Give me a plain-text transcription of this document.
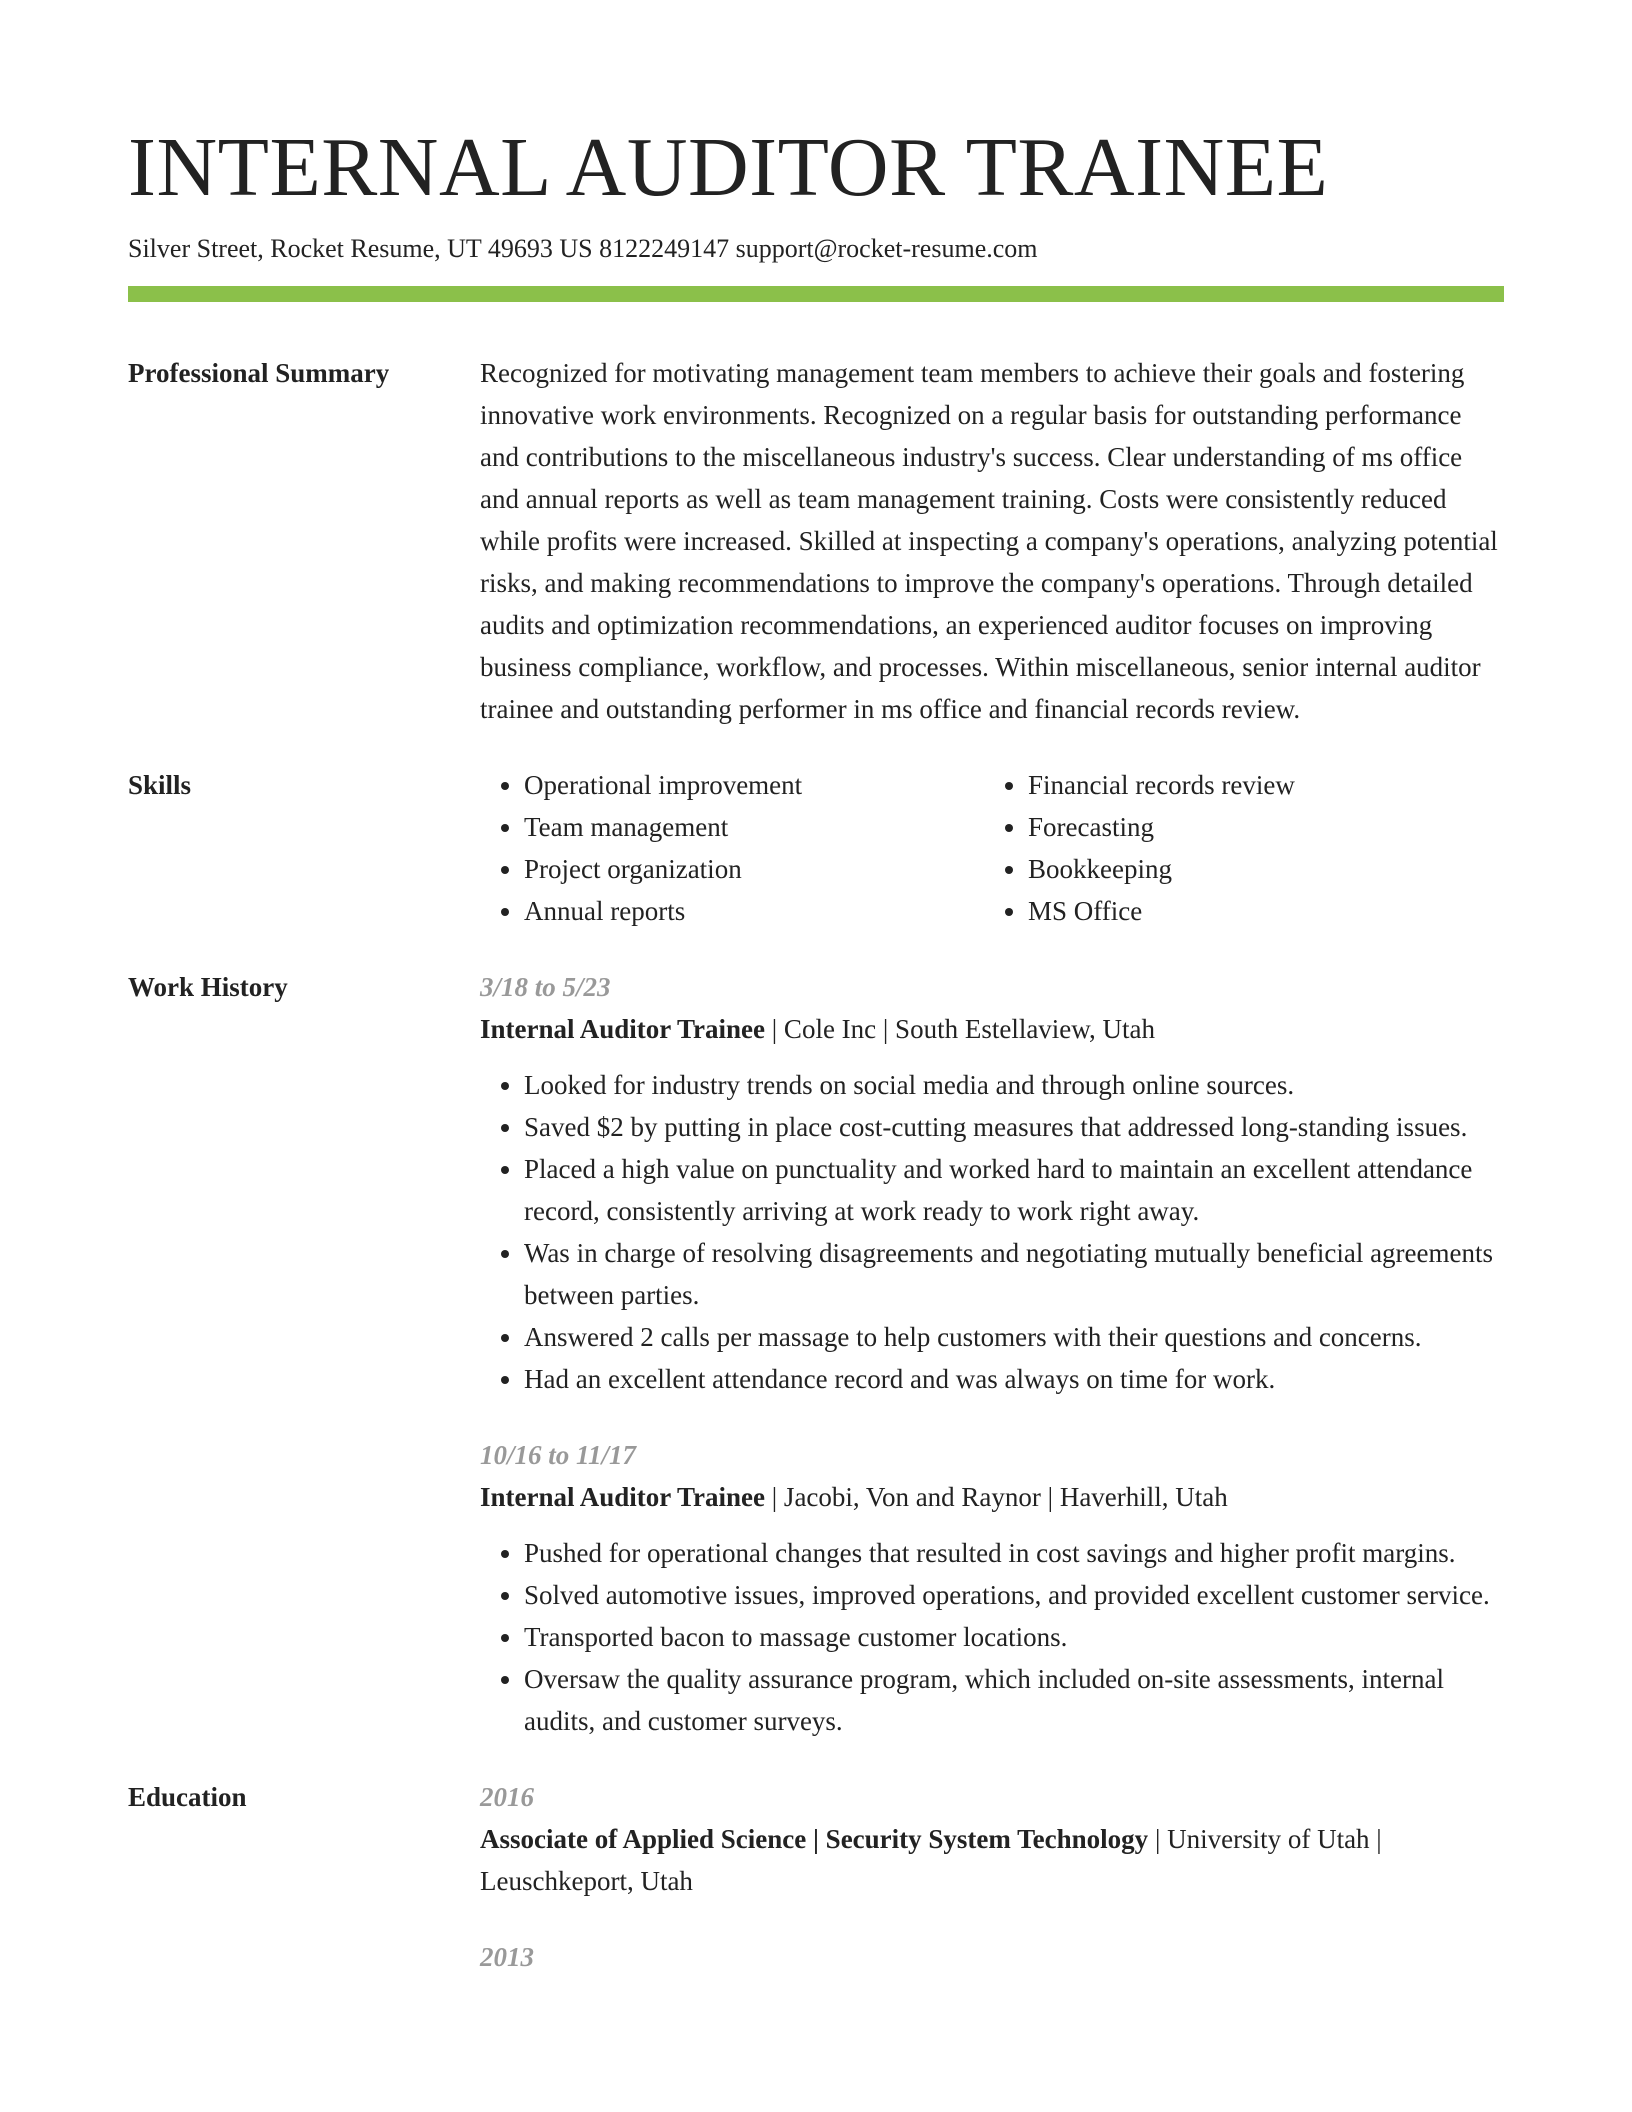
INTERNAL AUDITOR TRAINEE
Silver Street, Rocket Resume, UT 49693 US 8122249147 support@rocket-resume.com
Professional Summary	Recognized for motivating management team members to achieve their goals and fostering innovative work environments. Recognized on a regular basis for outstanding performance and contributions to the miscellaneous industry's success. Clear understanding of ms office and annual reports as well as team management training. Costs were consistently reduced while profits were increased. Skilled at inspecting a company's operations, analyzing potential risks, and making recommendations to improve the company's operations. Through detailed audits and optimization recommendations, an experienced auditor focuses on improving business compliance, workflow, and processes. Within miscellaneous, senior internal auditor trainee and outstanding performer in ms office and financial records review.

Skills
•	Operational improvement
• Team management
• Project organization
• Annual reports
• Financial records review
• Forecasting
• Bookkeeping
• MS Office
Work History	3/18 to 5/23
Internal Auditor Trainee | Cole Inc | South Estellaview, Utah
• Looked for industry trends on social media and through online sources.
• Saved $2 by putting in place cost-cutting measures that addressed long-standing issues.
• Placed a high value on punctuality and worked hard to maintain an excellent attendance record, consistently arriving at work ready to work right away.
• Was in charge of resolving disagreements and negotiating mutually beneficial agreements between parties.
• Answered 2 calls per massage to help customers with their questions and concerns.
• Had an excellent attendance record and was always on time for work.
10/16 to 11/17
Internal Auditor Trainee | Jacobi, Von and Raynor | Haverhill, Utah
• Pushed for operational changes that resulted in cost savings and higher profit margins.
• Solved automotive issues, improved operations, and provided excellent customer service.
• Transported bacon to massage customer locations.
• Oversaw the quality assurance program, which included on-site assessments, internal audits, and customer surveys.
Education	2016
Associate of Applied Science | Security System Technology | University of Utah | Leuschkeport, Utah
2013
